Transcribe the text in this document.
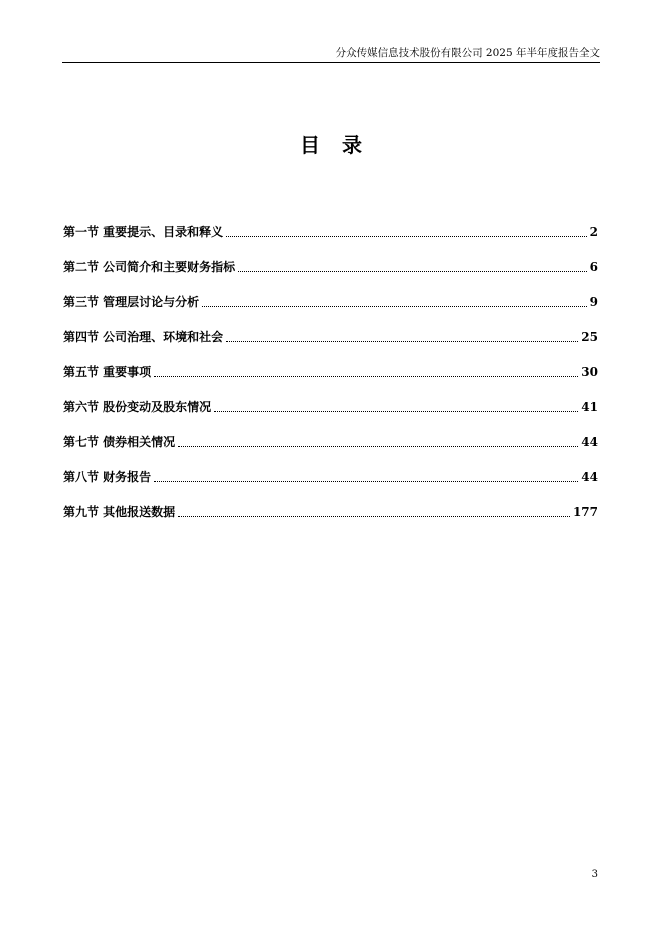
分众传媒信息技术股份有限公司 2025 年半年度报告全文
目录
第一节 重要提示、目录和释义	2
第二节 公司简介和主要财务指标	6
第三节 管理层讨论与分析	9
第四节 公司治理、环境和社会	25
第五节 重要事项	30
第六节 股份变动及股东情况	41
第七节 债券相关情况	44
第八节 财务报告	44
第九节 其他报送数据	177
3
